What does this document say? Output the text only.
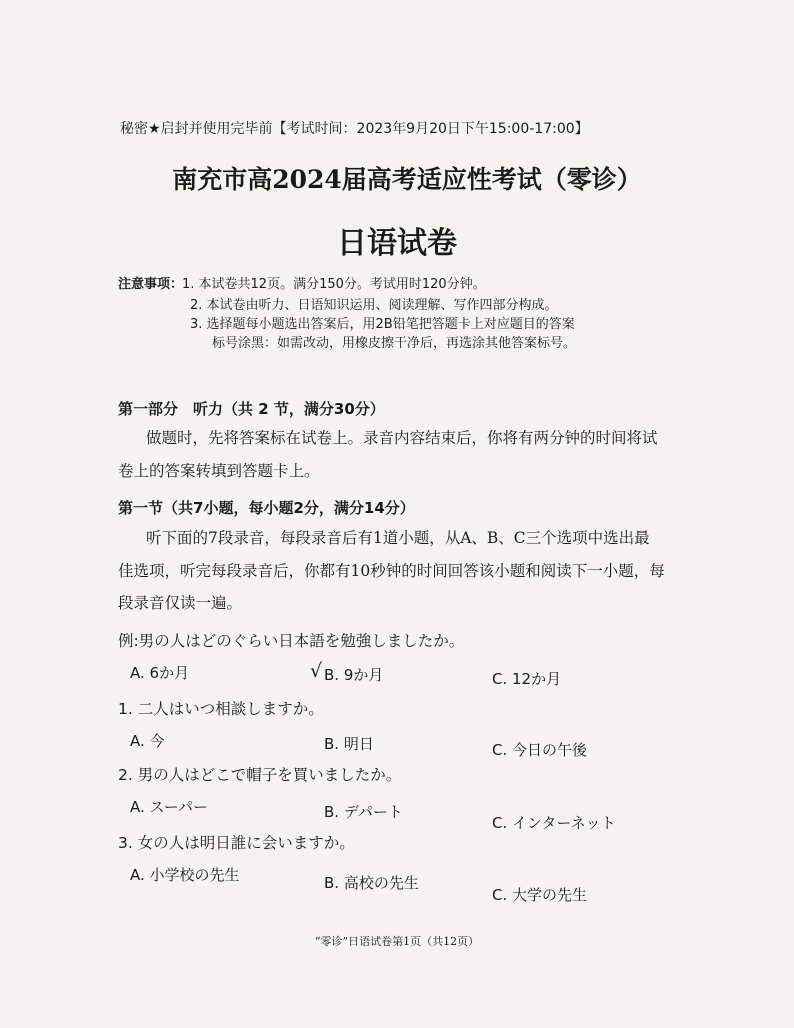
秘密★启封并使用完毕前【考试时间：2023年9月20日下午15:00-17:00】
南充市高2024届高考适应性考试（零诊）
日语试卷
注意事项：
1. 本试卷共12页。满分150分。考试用时120分钟。
2. 本试卷由听力、日语知识运用、阅读理解、写作四部分构成。
3. 选择题每小题选出答案后，用2B铅笔把答题卡上对应题目的答案
标号涂黑：如需改动，用橡皮擦干净后，再选涂其他答案标号。
第一部分　听力（共 2 节，满分30分）
做题时，先将答案标在试卷上。录音内容结束后，你将有两分钟的时间将试
卷上的答案转填到答题卡上。
第一节（共7小题，每小题2分，满分14分）
听下面的7段录音，每段录音后有1道小题，从A、B、C三个选项中选出最
佳选项，听完每段录音后，你都有10秒钟的时间回答该小题和阅读下一小题，每
段录音仅读一遍。
例:男の人はどのぐらい日本語を勉強しましたか。
A. 6か月	√ B. 9か月	C. 12か月
1. 二人はいつ相談しますか。
A. 今	B. 明日	C. 今日の午後
2. 男の人はどこで帽子を買いましたか。
A. スーパー	B. デパート
C. インターネット
3. 女の人は明日誰に会いますか。
A. 小学校の先生	B. 高校の先生
C. 大学の先生
“零诊”日语试卷第1页（共12页）
